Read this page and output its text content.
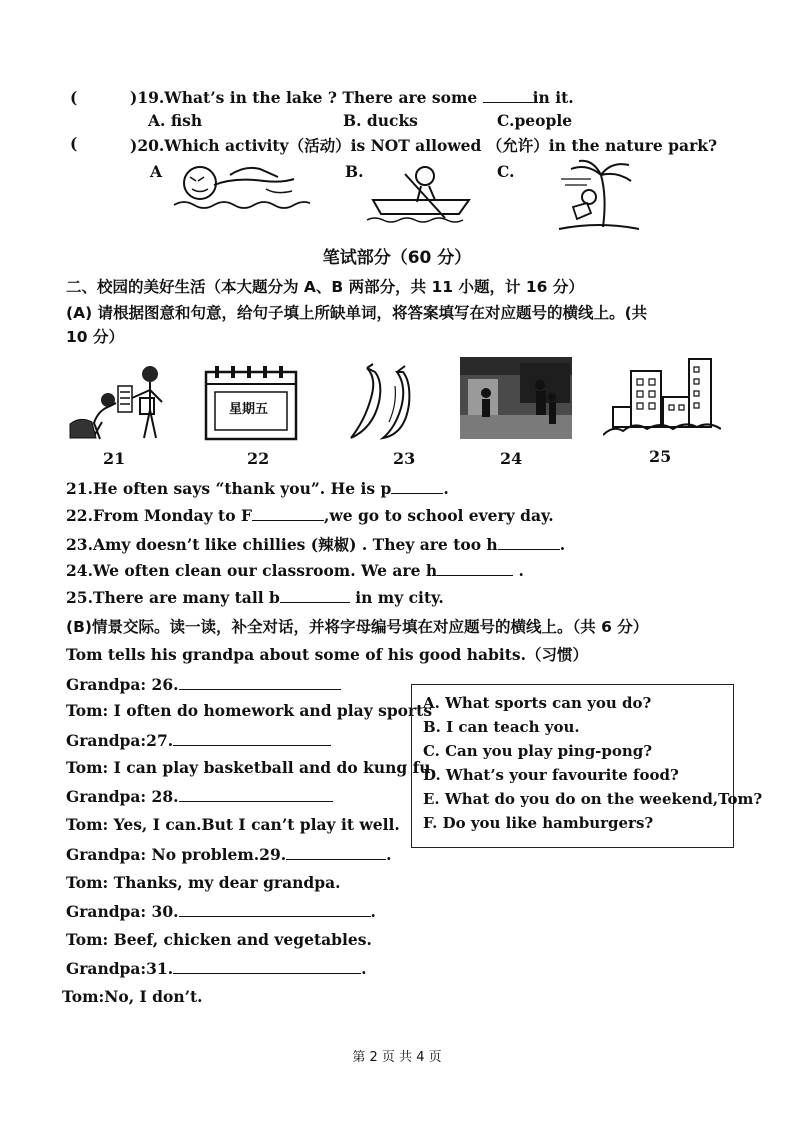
(	)19.What’s in the lake ? There are some	in it.
A. fish	B. ducks	C.people
(	)20.Which activity（活动）is NOT allowed （允许）in the nature park?
A	B.	C.
笔试部分（60 分）
二、校园的美好生活（本大题分为 A、B 两部分，共 11 小题，计 16 分）
(A) 请根据图意和句意，给句子填上所缺单词，将答案填写在对应题号的横线上。(共
10 分）
星期五
21	22	23	24	25
21.He often says “thank you”. He is p	.
22.From Monday to F	,we go to school every day.
23.Amy doesn’t like chillies (辣椒) . They are too h	.
24.We often clean our classroom. We are h	.
25.There are many tall b	in my city.
(B)情景交际。读一读，补全对话，并将字母编号填在对应题号的横线上。（共 6 分）
Tom tells his grandpa about some of his good habits.（习惯）
Grandpa: 26.
Tom: I often do homework and play sports
Grandpa:27.
Tom: I can play basketball and do kung fu.
Grandpa: 28.
Tom: Yes, I can.But I can’t play it well.
Grandpa: No problem.29.	.
Tom: Thanks, my dear grandpa.
Grandpa: 30.	.
Tom: Beef, chicken and vegetables.
Grandpa:31.	.
Tom:No, I don’t.
A. What sports can you do?
B. I can teach you.
C. Can you play ping-pong?
D. What’s your favourite food?
E. What do you do on the weekend,Tom?
F. Do you like hamburgers?
第 2 页 共 4 页
